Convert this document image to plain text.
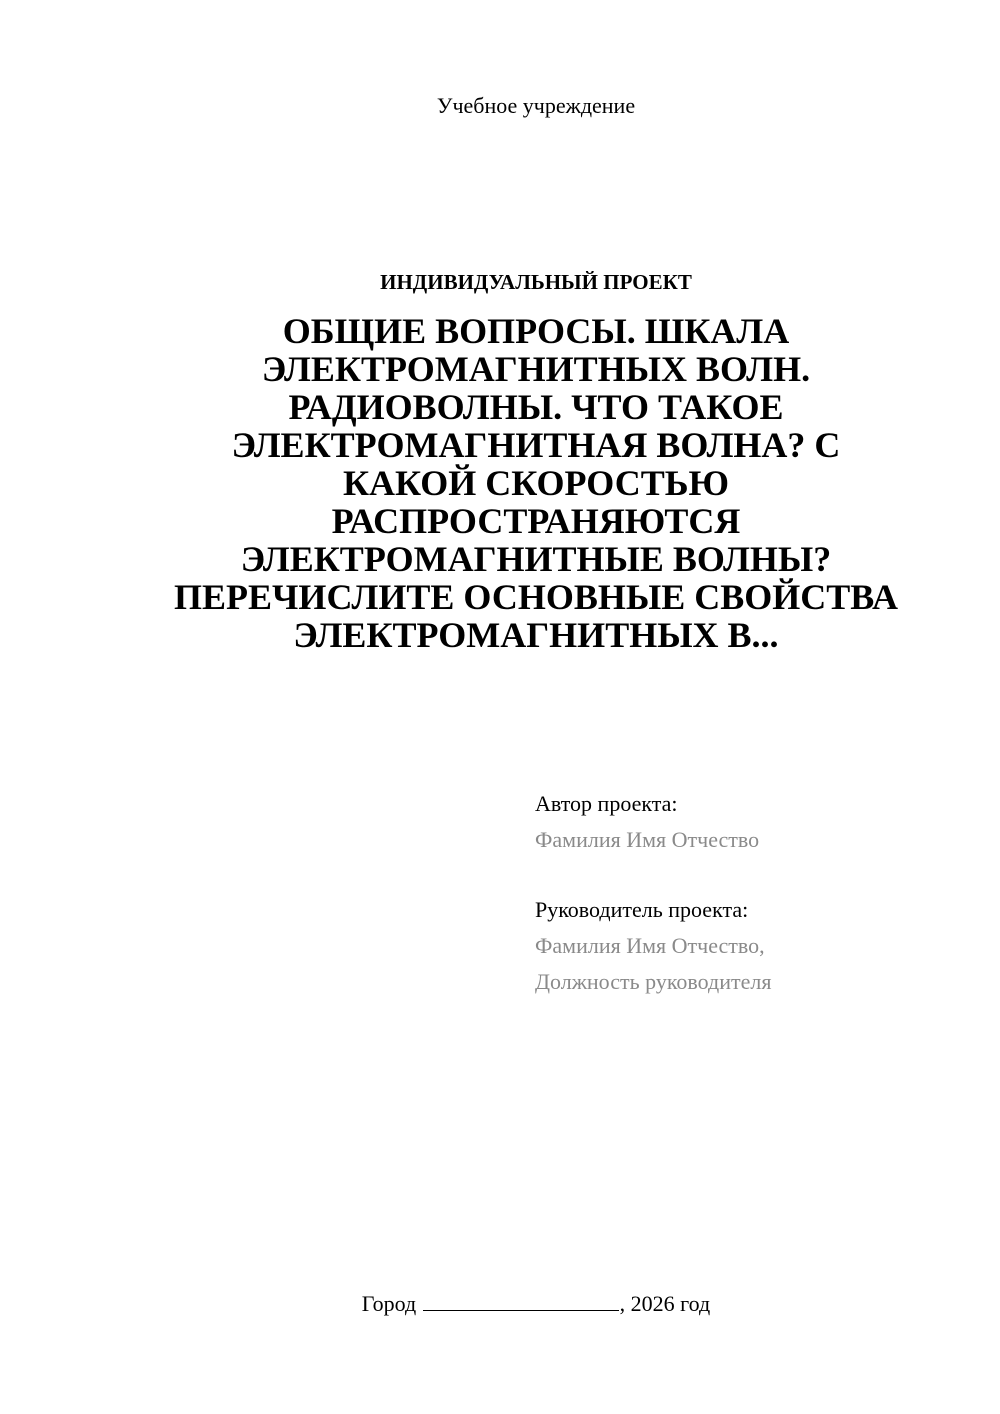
Учебное учреждение
ИНДИВИДУАЛЬНЫЙ ПРОЕКТ
ОБЩИЕ ВОПРОСЫ. ШКАЛА
ЭЛЕКТРОМАГНИТНЫХ ВОЛН.
РАДИОВОЛНЫ. ЧТО ТАКОЕ
ЭЛЕКТРОМАГНИТНАЯ ВОЛНА? С
КАКОЙ СКОРОСТЬЮ
РАСПРОСТРАНЯЮТСЯ
ЭЛЕКТРОМАГНИТНЫЕ ВОЛНЫ?
ПЕРЕЧИСЛИТЕ ОСНОВНЫЕ СВОЙСТВА
ЭЛЕКТРОМАГНИТНЫХ В...
Автор проекта:
Фамилия Имя Отчество
Руководитель проекта:
Фамилия Имя Отчество,
Должность руководителя
Город	, 2026 год
